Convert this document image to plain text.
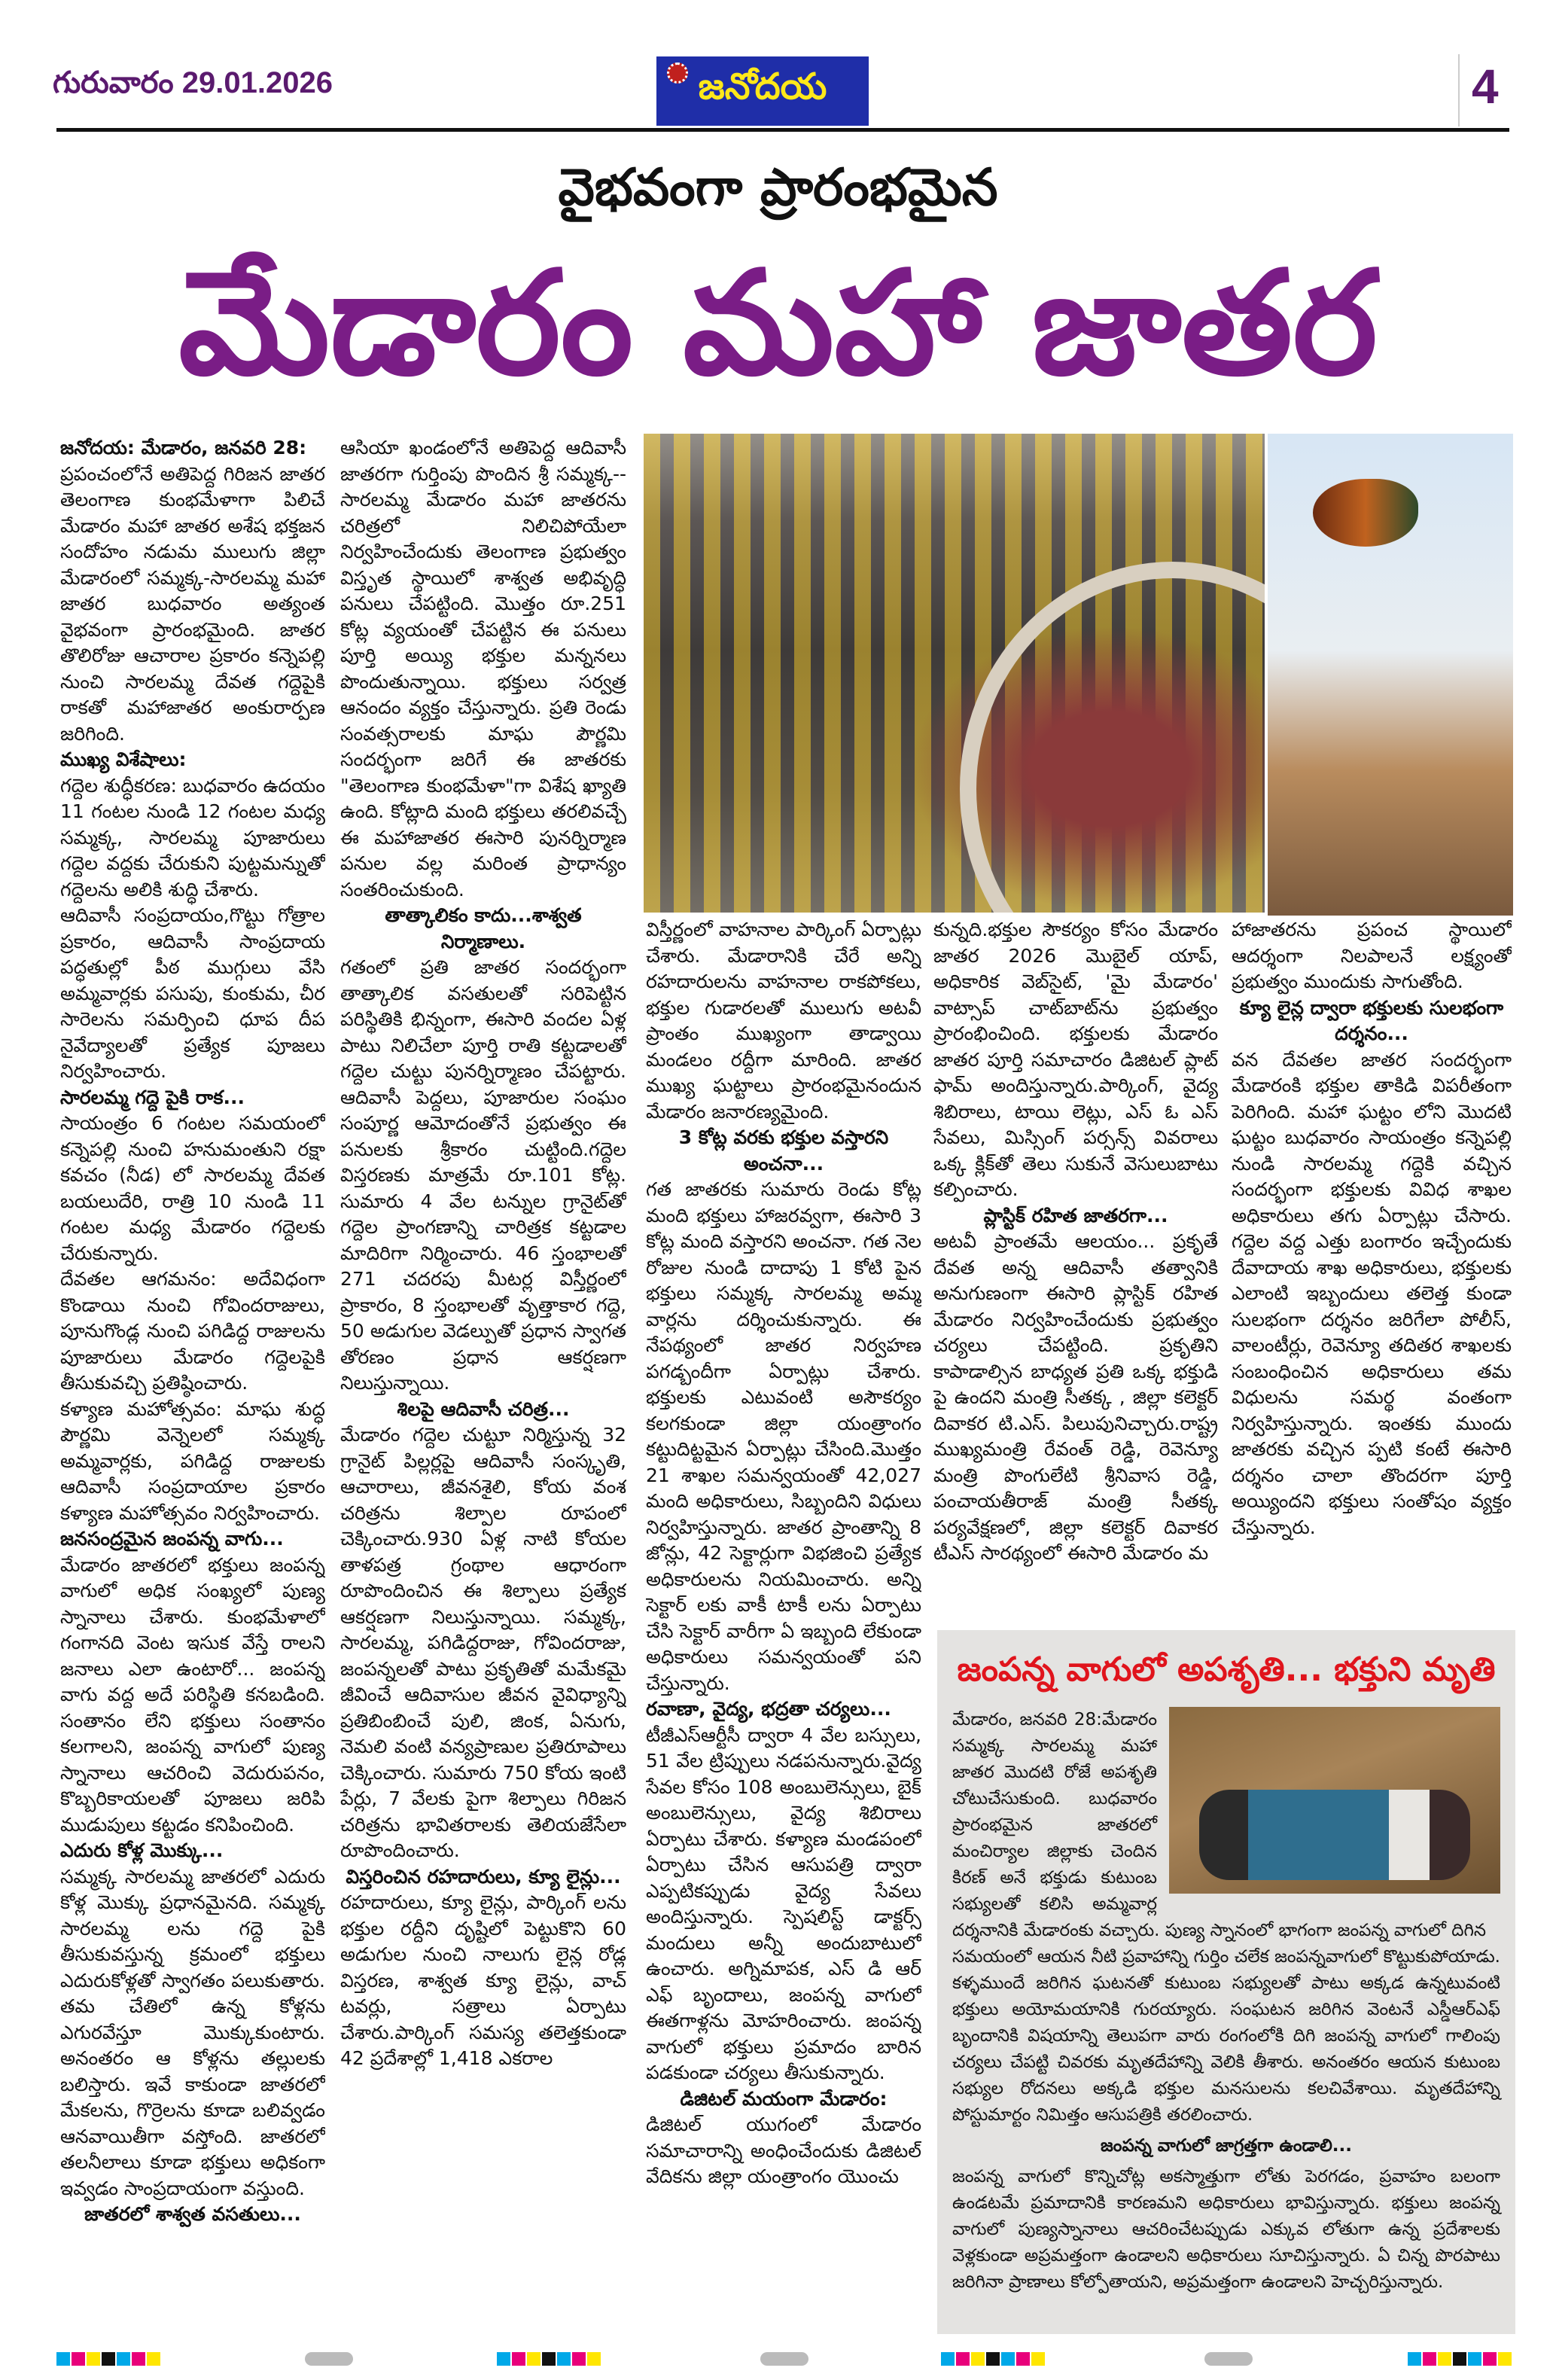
గురువారం 29.01.2026	జనోదయ	4
వైభవంగా ప్రారంభమైన
మేడారం మహా జాతర

జనోదయ: మేడారం, జనవరి 28:

ప్రపంచంలోనే అతిపెద్ద గిరిజన జాతర తెలంగాణ కుంభమేళాగా పిలిచే మేడారం మహా జాతర అశేష భక్తజన సందోహం నడుమ ములుగు జిల్లా మేడారంలో సమ్మక్క-సారలమ్మ మహా జాతర బుధవారం అత్యంత వైభవంగా ప్రారంభమైంది. జాతర తొలిరోజు ఆచారాల ప్రకారం కన్నెపల్లి నుంచి సారలమ్మ దేవత గద్దెపైకి రాకతో మహాజాతర అంకురార్పణ జరిగింది.

ముఖ్య విశేషాలు:

గద్దెల శుద్ధీకరణ: బుధవారం ఉదయం 11 గంటల నుండి 12 గంటల మధ్య సమ్మక్క, సారలమ్మ పూజారులు గద్దెల వద్దకు చేరుకుని పుట్టమన్నుతో గద్దెలను అలికి శుద్ధి చేశారు.

ఆదివాసీ సంప్రదాయం,గొట్టు గోత్రాల ప్రకారం, ఆదివాసీ సాంప్రదాయ పద్ధతుల్లో పీఠ ముగ్గులు వేసి అమ్మవార్లకు పసుపు, కుంకుమ, చీర సారెలను సమర్పించి ధూప దీప నైవేద్యాలతో ప్రత్యేక పూజలు నిర్వహించారు.

సారలమ్మ గద్దె పైకి రాక...

సాయంత్రం 6 గంటల సమయంలో కన్నెపల్లి నుంచి హనుమంతుని రక్షా కవచం (నీడ) లో సారలమ్మ దేవత బయలుదేరి, రాత్రి 10 నుండి 11 గంటల మధ్య మేడారం గద్దెలకు చేరుకున్నారు.

దేవతల ఆగమనం: అదేవిధంగా కొండాయి నుంచి గోవిందరాజులు, పూనుగొండ్ల నుంచి పగిడిద్ద రాజులను పూజారులు మేడారం గద్దెలపైకి తీసుకువచ్చి ప్రతిష్ఠించారు.

కళ్యాణ మహోత్సవం: మాఘ శుద్ధ పౌర్ణమి వెన్నెలలో సమ్మక్క అమ్మవార్లకు, పగిడిద్ద రాజులకు ఆదివాసీ సంప్రదాయాల ప్రకారం కళ్యాణ మహోత్సవం నిర్వహించారు.

జనసంద్రమైన జంపన్న వాగు...

మేడారం జాతరలో భక్తులు జంపన్న వాగులో అధిక సంఖ్యలో పుణ్య స్నానాలు చేశారు. కుంభమేళాలో గంగానది వెంట ఇసుక వేస్తే రాలని జనాలు ఎలా ఉంటారో... జంపన్న వాగు వద్ద అదే పరిస్థితి కనబడింది. సంతానం లేని భక్తులు సంతానం కలగాలని, జంపన్న వాగులో పుణ్య స్నానాలు ఆచరించి వెదురుపనం, కొబ్బరికాయలతో పూజలు జరిపి ముడుపులు కట్టడం కనిపించింది.

ఎదురు కోళ్ల మొక్కు...

సమ్మక్క సారలమ్మ జాతరలో ఎదురు కోళ్ల మొక్కు ప్రధానమైనది. సమ్మక్క సారలమ్మ లను గద్దె పైకి తీసుకువస్తున్న క్రమంలో భక్తులు ఎదురుకోళ్లతో స్వాగతం పలుకుతారు. తమ చేతిలో ఉన్న కోళ్లను ఎగురవేస్తూ మొక్కుకుంటారు. అనంతరం ఆ కోళ్లను తల్లులకు బలిస్తారు. ఇవే కాకుండా జాతరలో మేకలను, గొర్రెలను కూడా బలివ్వడం ఆనవాయితీగా వస్తోంది. జాతరలో తలనీలాలు కూడా భక్తులు అధికంగా ఇవ్వడం సాంప్రదాయంగా వస్తుంది.

జాతరలో శాశ్వత వసతులు...

ఆసియా ఖండంలోనే అతిపెద్ద ఆదివాసీ జాతరగా గుర్తింపు పొందిన శ్రీ సమ్మక్క--సారలమ్మ మేడారం మహా జాతరను చరిత్రలో నిలిచిపోయేలా నిర్వహించేందుకు తెలంగాణ ప్రభుత్వం విస్తృత స్థాయిలో శాశ్వత అభివృద్ధి పనులు చేపట్టింది. మొత్తం రూ.251 కోట్ల వ్యయంతో చేపట్టిన ఈ పనులు పూర్తి అయ్యి భక్తుల మన్ననలు పొందుతున్నాయి. భక్తులు సర్వత్ర ఆనందం వ్యక్తం చేస్తున్నారు. ప్రతి రెండు సంవత్సరాలకు మాఘ పౌర్ణమి సందర్భంగా జరిగే ఈ జాతరకు "తెలంగాణ కుంభమేళా"గా విశేష ఖ్యాతి ఉంది. కోట్లాది మంది భక్తులు తరలివచ్చే ఈ మహాజాతర ఈసారి పునర్నిర్మాణ పనుల వల్ల మరింత ప్రాధాన్యం సంతరించుకుంది.

తాత్కాలికం కాదు...శాశ్వత నిర్మాణాలు.

గతంలో ప్రతి జాతర సందర్భంగా తాత్కాలిక వసతులతో సరిపెట్టిన పరిస్థితికి భిన్నంగా, ఈసారి వందల ఏళ్ల పాటు నిలిచేలా పూర్తి రాతి కట్టడాలతో గద్దెల చుట్టు పునర్నిర్మాణం చేపట్టారు. ఆదివాసీ పెద్దలు, పూజారుల సంఘం సంపూర్ణ ఆమోదంతోనే ప్రభుత్వం ఈ పనులకు శ్రీకారం చుట్టింది.గద్దెల విస్తరణకు మాత్రమే రూ.101 కోట్ల. సుమారు 4 వేల టన్నుల గ్రానైట్‌తో గద్దెల ప్రాంగణాన్ని చారిత్రక కట్టడాల మాదిరిగా నిర్మించారు. 46 స్తంభాలతో 271 చదరపు మీటర్ల విస్తీర్ణంలో ప్రాకారం, 8 స్తంభాలతో వృత్తాకార గద్దె, 50 అడుగుల వెడల్పుతో ప్రధాన స్వాగత తోరణం ప్రధాన ఆకర్షణగా నిలుస్తున్నాయి.

శిలపై ఆదివాసీ చరిత్ర...

మేడారం గద్దెల చుట్టూ నిర్మిస్తున్న 32 గ్రానైట్ పిల్లర్లపై ఆదివాసీ సంస్కృతి, ఆచారాలు, జీవనశైలి, కోయ వంశ చరిత్రను శిల్పాల రూపంలో చెక్కించారు.930 ఏళ్ల నాటి కోయల తాళపత్ర గ్రంథాల ఆధారంగా రూపొందించిన ఈ శిల్పాలు ప్రత్యేక ఆకర్షణగా నిలుస్తున్నాయి. సమ్మక్క, సారలమ్మ, పగిడిద్దరాజు, గోవిందరాజు, జంపన్నలతో పాటు ప్రకృతితో మమేకమై జీవించే ఆదివాసుల జీవన వైవిధ్యాన్ని ప్రతిబింబించే పులి, జింక, ఏనుగు, నెమలి వంటి వన్యప్రాణుల ప్రతిరూపాలు చెక్కించారు. సుమారు 750 కోయ ఇంటి పేర్లు, 7 వేలకు పైగా శిల్పాలు గిరిజన చరిత్రను భావితరాలకు తెలియజేసేలా రూపొందించారు.

విస్తరించిన రహదారులు, క్యూ లైన్లు...

రహదారులు, క్యూ లైన్లు, పార్కింగ్ లను భక్తుల రద్దీని దృష్టిలో పెట్టుకొని 60 అడుగుల నుంచి నాలుగు లైన్ల రోడ్ల విస్తరణ, శాశ్వత క్యూ లైన్లు, వాచ్ టవర్లు, సత్రాలు ఏర్పాటు చేశారు.పార్కింగ్ సమస్య తలెత్తకుండా 42 ప్రదేశాల్లో 1,418 ఎకరాల

విస్తీర్ణంలో వాహనాల పార్కింగ్ ఏర్పాట్లు చేశారు. మేడారానికి చేరే అన్ని రహదారులను వాహనాల రాకపోకలు, భక్తుల గుడారలతో ములుగు అటవీ ప్రాంతం ముఖ్యంగా తాడ్వాయి మండలం రద్దీగా మారింది. జాతర ముఖ్య ఘట్టాలు ప్రారంభమైనందున మేడారం జనారణ్యమైంది.

3 కోట్ల వరకు భక్తుల వస్తారని అంచనా...

గత జాతరకు సుమారు రెండు కోట్ల మంది భక్తులు హాజరవ్వగా, ఈసారి 3 కోట్ల మంది వస్తారని అంచనా. గత నెల రోజుల నుండి దాదాపు 1 కోటి పైన భక్తులు సమ్మక్క సారలమ్మ అమ్మ వార్లను దర్శించుకున్నారు. ఈ నేపథ్యంలో జాతర నిర్వహణ పగడ్బందీగా ఏర్పాట్లు చేశారు. భక్తులకు ఎటువంటి అసౌకర్యం కలగకుండా జిల్లా యంత్రాంగం కట్టుదిట్టమైన ఏర్పాట్లు చేసింది.మొత్తం 21 శాఖల సమన్వయంతో 42,027 మంది అధికారులు, సిబ్బందిని విధులు నిర్వహిస్తున్నారు. జాతర ప్రాంతాన్ని 8 జోన్లు, 42 సెక్టార్లుగా విభజించి ప్రత్యేక అధికారులను నియమించారు. అన్ని సెక్టార్ లకు వాకీ టాకీ లను ఏర్పాటు చేసి సెక్టార్ వారీగా ఏ ఇబ్బంది లేకుండా అధికారులు సమన్వయంతో పని చేస్తున్నారు.

రవాణా, వైద్య, భద్రతా చర్యలు...

టీజీఎస్ఆర్టీసీ ద్వారా 4 వేల బస్సులు, 51 వేల ట్రిప్పులు నడపనున్నారు.వైద్య సేవల కోసం 108 అంబులెన్సులు, బైక్ అంబులెన్సులు, వైద్య శిబిరాలు ఏర్పాటు చేశారు. కళ్యాణ మండపంలో ఏర్పాటు చేసిన ఆసుపత్రి ద్వారా ఎప్పటికప్పుడు వైద్య సేవలు అందిస్తున్నారు. స్పెషలిస్ట్ డాక్టర్స్ మందులు అన్నీ అందుబాటులో ఉంచారు. అగ్నిమాపక, ఎస్ డి ఆర్ ఎఫ్ బృందాలు, జంపన్న వాగులో ఈతగాళ్లను మోహరించారు. జంపన్న వాగులో భక్తులు ప్రమాదం బారిన పడకుండా చర్యలు తీసుకున్నారు.

డిజిటల్ మయంగా మేడారం:

డిజిటల్ యుగంలో మేడారం సమాచారాన్ని అంధించేందుకు డిజిటల్ వేదికను జిల్లా యంత్రాంగం యొంచు

కున్నది.భక్తుల సౌకర్యం కోసం మేడారం జాతర 2026 మొబైల్ యాప్, అధికారిక వెబ్‌సైట్, 'మై మేడారం' వాట్సాప్ చాట్‌బాట్‌ను ప్రభుత్వం ప్రారంభించింది. భక్తులకు మేడారం జాతర పూర్తి సమాచారం డిజిటల్ ప్లాట్ ఫామ్ అందిస్తున్నారు.పార్కింగ్, వైద్య శిబిరాలు, టాయి లెట్లు, ఎస్ ఓ ఎస్ సేవలు, మిస్సింగ్ పర్సన్స్ వివరాలు ఒక్క క్లిక్‌తో తెలు సుకునే వెసులుబాటు కల్పించారు.

ప్లాస్టిక్ రహిత జాతరగా...

అటవీ ప్రాంతమే ఆలయం... ప్రకృతే దేవత అన్న ఆదివాసీ తత్వానికి అనుగుణంగా ఈసారి ప్లాస్టిక్ రహిత మేడారం నిర్వహించేందుకు ప్రభుత్వం చర్యలు చేపట్టింది. ప్రకృతిని కాపాడాల్సిన బాధ్యత ప్రతి ఒక్క భక్తుడి పై ఉందని మంత్రి సీతక్క , జిల్లా కలెక్టర్ దివాకర టి.ఎస్. పిలుపునిచ్చారు.రాష్ట్ర ముఖ్యమంత్రి రేవంత్ రెడ్డి, రెవెన్యూ మంత్రి పొంగులేటి శ్రీనివాస రెడ్డి, పంచాయతీరాజ్ మంత్రి సీతక్క పర్యవేక్షణలో, జిల్లా కలెక్టర్ దివాకర టీఎస్ సారథ్యంలో ఈసారి మేడారం మ

హాజాతరను ప్రపంచ స్థాయిలో ఆదర్శంగా నిలపాలనే లక్ష్యంతో ప్రభుత్వం ముందుకు సాగుతోంది.

క్యూ లైన్ల ద్వారా భక్తులకు సులభంగా దర్శనం...

వన దేవతల జాతర సందర్భంగా మేడారంకి భక్తుల తాకిడి విపరీతంగా పెరిగింది. మహా ఘట్టం లోని మొదటి ఘట్టం బుధవారం సాయంత్రం కన్నెపల్లి నుండి సారలమ్మ గద్దెకి వచ్చిన సందర్భంగా భక్తులకు వివిధ శాఖల అధికారులు తగు ఏర్పాట్లు చేసారు. గద్దెల వద్ద ఎత్తు బంగారం ఇచ్చేందుకు దేవాదాయ శాఖ అధికారులు, భక్తులకు ఎలాంటి ఇబ్బందులు తలెత్త కుండా సులభంగా దర్శనం జరిగేలా పోలీస్, వాలంటీర్లు, రెవెన్యూ తదితర శాఖలకు సంబంధించిన అధికారులు తమ విధులను సమర్థ వంతంగా నిర్వహిస్తున్నారు. ఇంతకు ముందు జాతరకు వచ్చిన ప్పటి కంటే ఈసారి దర్శనం చాలా తొందరగా పూర్తి అయ్యిందని భక్తులు సంతోషం వ్యక్తం చేస్తున్నారు.

జంపన్న వాగులో అపశృతి... భక్తుని మృతి

మేడారం, జనవరి 28:మేడారం సమ్మక్క సారలమ్మ మహా జాతర మొదటి రోజే అపశృతి చోటుచేసుకుంది. బుధవారం ప్రారంభమైన జాతరలో మంచిర్యాల జిల్లాకు చెందిన కిరణ్ అనే భక్తుడు కుటుంబ సభ్యులతో కలిసి అమ్మవార్ల దర్శనానికి మేడారంకు వచ్చారు. పుణ్య స్నానంలో భాగంగా జంపన్న వాగులో దిగిన

సమయంలో ఆయన నీటి ప్రవాహాన్ని గుర్తిం చలేక జంపన్నవాగులో కొట్టుకుపోయాడు. కళ్ళముందే జరిగిన ఘటనతో కుటుంబ సభ్యులతో పాటు అక్కడ ఉన్నటువంటి భక్తులు అయోమయానికి గురయ్యారు. సంఘటన జరిగిన వెంటనే ఎస్డీఆర్ఎఫ్ బృందానికి విషయాన్ని తెలుపగా వారు రంగంలోకి దిగి జంపన్న వాగులో గాలింపు చర్యలు చేపట్టి చివరకు మృతదేహాన్ని వెలికి తీశారు. అనంతరం ఆయన కుటుంబ సభ్యుల రోదనలు అక్కడి భక్తుల మనసులను కలచివేశాయి. మృతదేహాన్ని పోస్టుమార్టం నిమిత్తం ఆసుపత్రికి తరలించారు.

జంపన్న వాగులో జాగ్రత్తగా ఉండాలి...

జంపన్న వాగులో కొన్నిచోట్ల అకస్మాత్తుగా లోతు పెరగడం, ప్రవాహం బలంగా ఉండటమే ప్రమాదానికి కారణమని అధికారులు భావిస్తున్నారు. భక్తులు జంపన్న వాగులో పుణ్యస్నానాలు ఆచరించేటప్పుడు ఎక్కువ లోతుగా ఉన్న ప్రదేశాలకు వెళ్లకుండా అప్రమత్తంగా ఉండాలని అధికారులు సూచిస్తున్నారు. ఏ చిన్న పొరపాటు జరిగినా ప్రాణాలు కోల్పోతాయని, అప్రమత్తంగా ఉండాలని హెచ్చరిస్తున్నారు.
